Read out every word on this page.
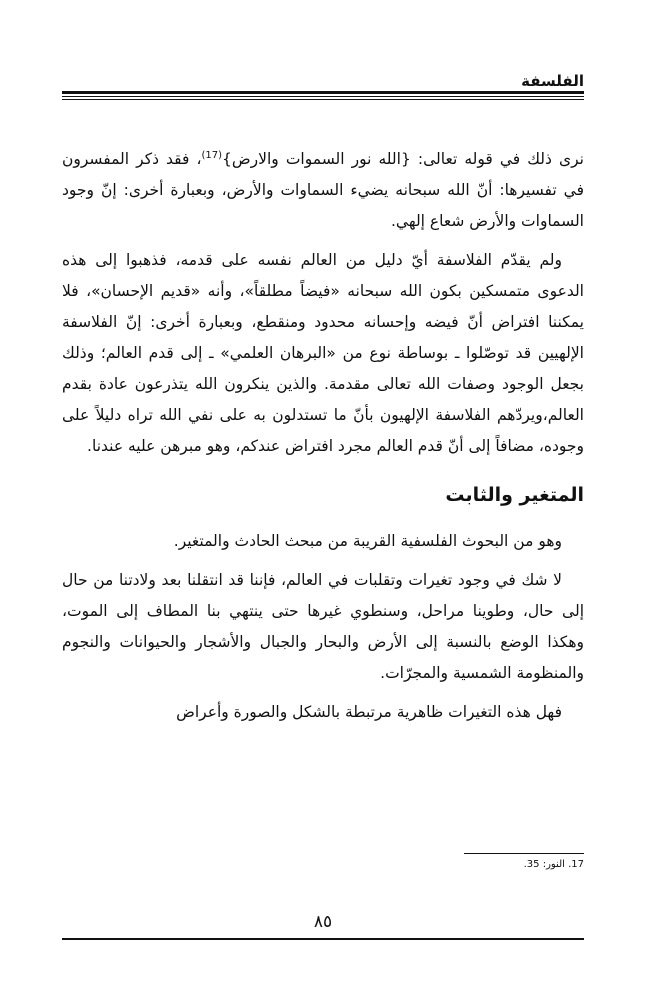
الفلسفة

نرى ذلك في قوله تعالى: {الله نور السموات والارض}$^{(17)}$، فقد ذكر المفسرون في تفسيرها: أنّ الله سبحانه يضيء السماوات والأرض، وبعبارة أخرى: إنّ وجود السماوات والأرض شعاع إلهي.

ولم يقدّم الفلاسفة أيّ دليل من العالم نفسه على قدمه، فذهبوا إلى هذه الدعوى متمسكين بكون الله سبحانه «فيضاً مطلقاً»، وأنه «قديم الإحسان»، فلا يمكننا افتراض أنّ فيضه وإحسانه محدود ومنقطع، وبعبارة أخرى: إنّ الفلاسفة الإلهيين قد توصّلوا ـ بوساطة نوع من «البرهان العلمي» ـ إلى قدم العالم؛ وذلك بجعل الوجود وصفات الله تعالى مقدمة. والذين ينكرون الله يتذرعون عادة بقدم العالم،ويردّهم الفلاسفة الإلهيون بأنّ ما تستدلون به على نفي الله تراه دليلاً على وجوده، مضافاً إلى أنّ قدم العالم مجرد افتراض عندكم، وهو مبرهن عليه عندنا.

المتغير والثابت

وهو من البحوث الفلسفية القريبة من مبحث الحادث والمتغير.

لا شك في وجود تغيرات وتقلبات في العالم، فإننا قد انتقلنا بعد ولادتنا من حال إلى حال، وطوينا مراحل، وسنطوي غيرها حتى ينتهي بنا المطاف إلى الموت، وهكذا الوضع بالنسبة إلى الأرض والبحار والجبال والأشجار والحيوانات والنجوم والمنظومة الشمسية والمجرّات.

فهل هذه التغيرات ظاهرية مرتبطة بالشكل والصورة وأعراض

17. النور: 35.
٨٥
